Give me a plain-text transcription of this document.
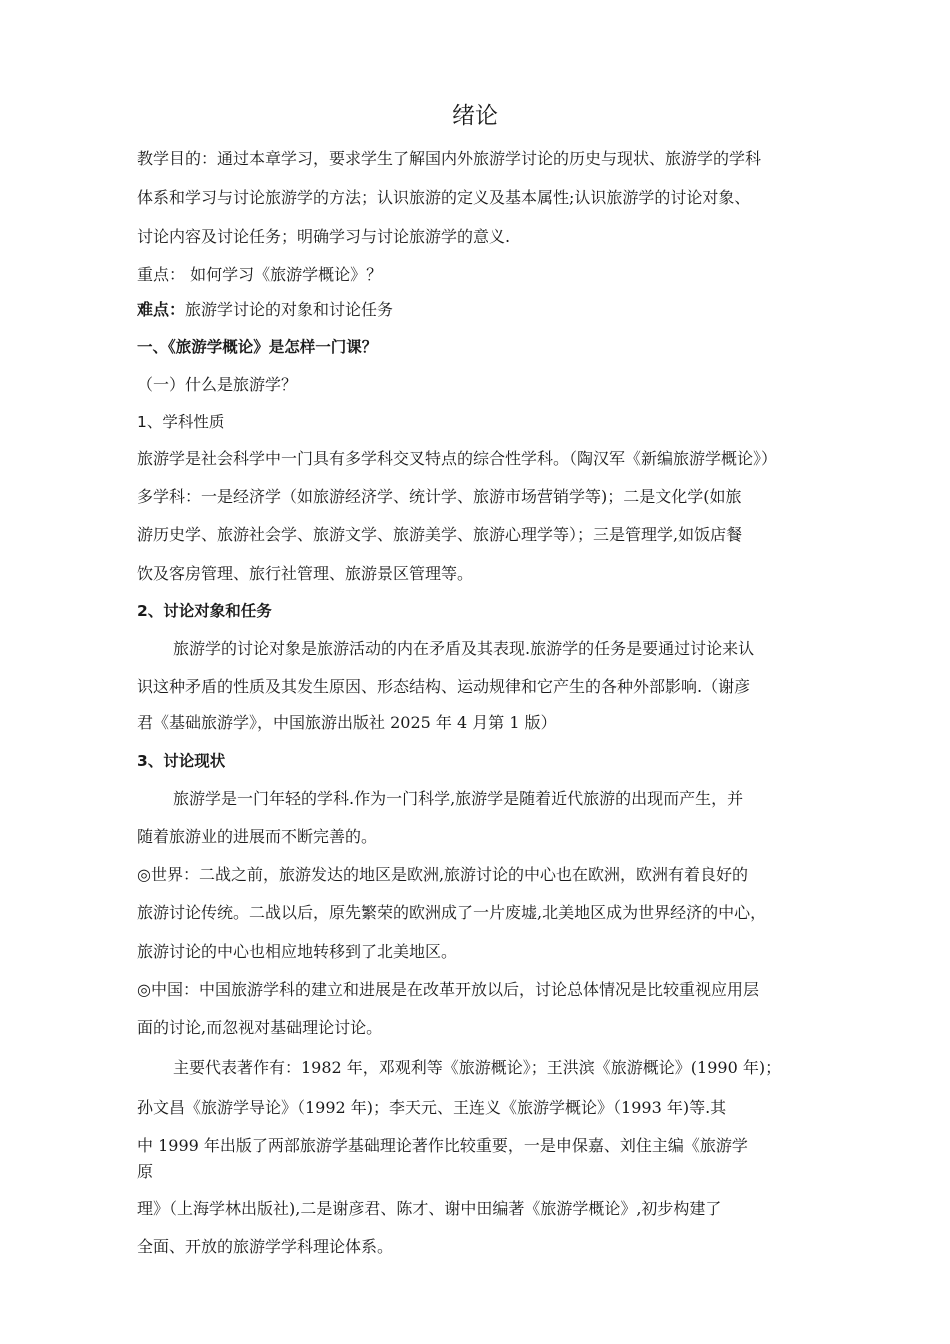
绪论
教学目的：通过本章学习，要求学生了解国内外旅游学讨论的历史与现状、旅游学的学科
体系和学习与讨论旅游学的方法；认识旅游的定义及基本属性;认识旅游学的讨论对象、
讨论内容及讨论任务；明确学习与讨论旅游学的意义.
重点： 如何学习《旅游学概论》？
难点：旅游学讨论的对象和讨论任务
一、《旅游学概论》是怎样一门课？
（一）什么是旅游学？
1、学科性质
旅游学是社会科学中一门具有多学科交叉特点的综合性学科。（陶汉军《新编旅游学概论》）
多学科：一是经济学（如旅游经济学、统计学、旅游市场营销学等)；二是文化学(如旅
游历史学、旅游社会学、旅游文学、旅游美学、旅游心理学等）；三是管理学,如饭店餐
饮及客房管理、旅行社管理、旅游景区管理等。
2、讨论对象和任务
旅游学的讨论对象是旅游活动的内在矛盾及其表现.旅游学的任务是要通过讨论来认
识这种矛盾的性质及其发生原因、形态结构、运动规律和它产生的各种外部影响.（谢彦
君《基础旅游学》，中国旅游出版社 2025 年 4 月第 1 版）
3、讨论现状
旅游学是一门年轻的学科.作为一门科学,旅游学是随着近代旅游的出现而产生，并
随着旅游业的进展而不断完善的。
◎世界：二战之前，旅游发达的地区是欧洲,旅游讨论的中心也在欧洲，欧洲有着良好的
旅游讨论传统。二战以后，原先繁荣的欧洲成了一片废墟,北美地区成为世界经济的中心，
旅游讨论的中心也相应地转移到了北美地区。
◎中国：中国旅游学科的建立和进展是在改革开放以后，讨论总体情况是比较重视应用层
面的讨论,而忽视对基础理论讨论。
主要代表著作有：1982 年，邓观利等《旅游概论》；王洪滨《旅游概论》(1990 年)；
孙文昌《旅游学导论》（1992 年)；李天元、王连义《旅游学概论》（1993 年)等.其
中 1999 年出版了两部旅游学基础理论著作比较重要，一是申保嘉、刘住主编《旅游学
原
理》（上海学林出版社),二是谢彦君、陈才、谢中田编著《旅游学概论》,初步构建了
全面、开放的旅游学学科理论体系。
